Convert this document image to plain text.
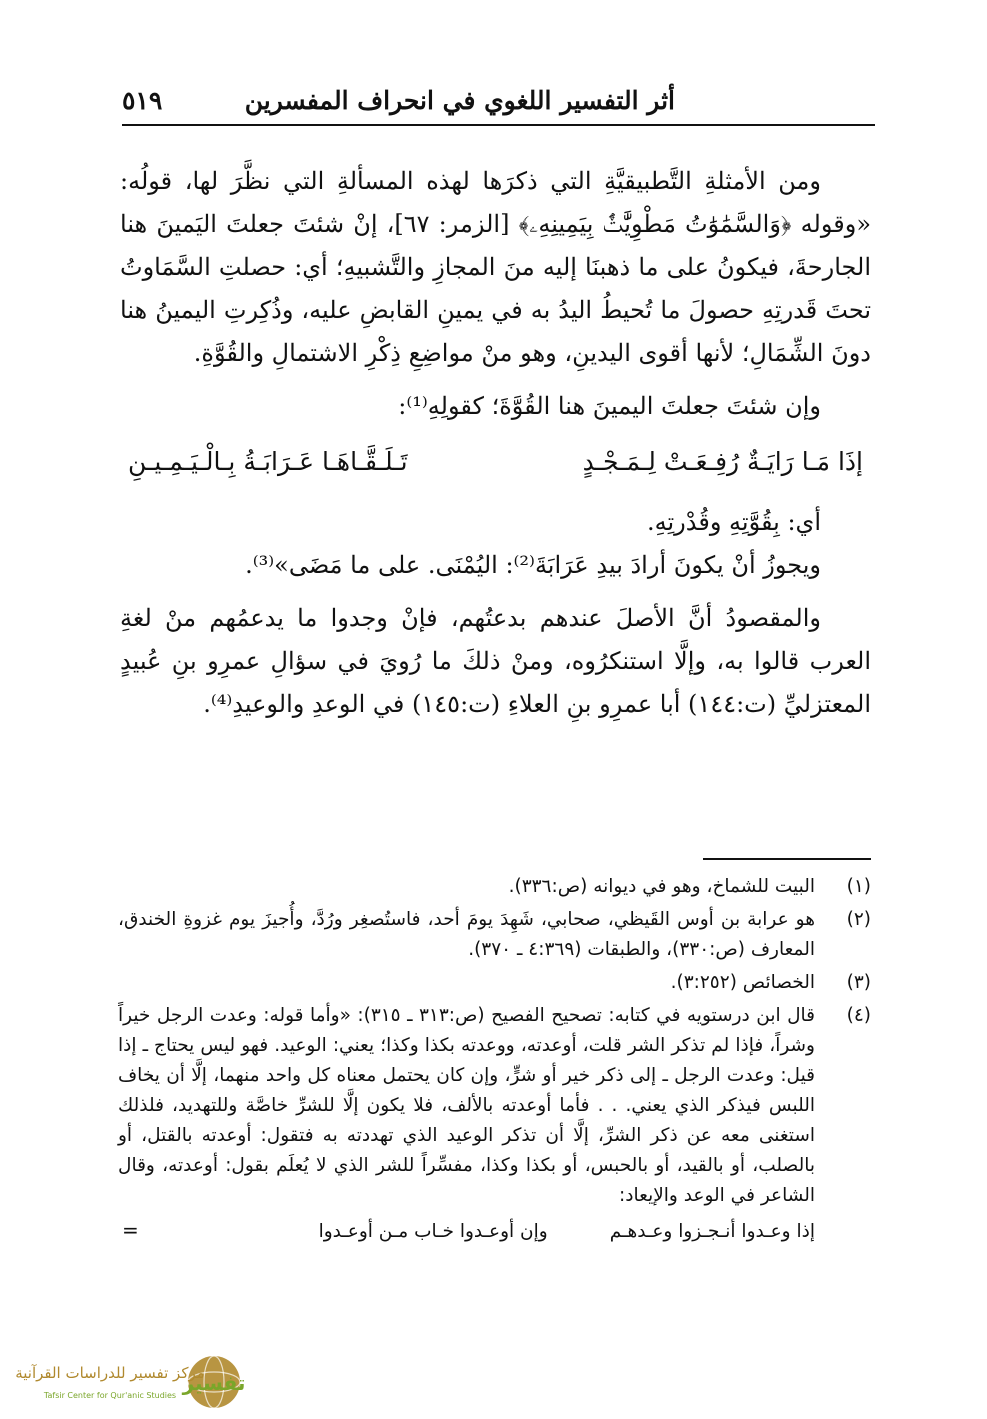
أثر التفسير اللغوي في انحراف المفسرين
٥١٩

ومن الأمثلةِ التَّطبيقيَّةِ التي ذكرَها لهذه المسألةِ التي نظَّرَ لها، قولُه: «وقوله ﴿وَالسَّمَٰوَٰتُ مَطْوِيَّٰتٌۢ بِيَمِينِهِۦ﴾ [الزمر: ٦٧]، إنْ شئتَ جعلتَ اليَمينَ هنا الجارحةَ، فيكونُ على ما ذهبنَا إليه منَ المجازِ والتَّشبيهِ؛ أي: حصلتِ السَّمَاوتُ تحتَ قَدرتِهِ حصولَ ما تُحيطُ اليدُ به في يمينِ القابضِ عليه، وذُكِرتِ اليمينُ هنا دونَ الشِّمَالِ؛ لأنها أقوى اليدينِ، وهو منْ مواضِعِ ذِكْرِ الاشتمالِ والقُوَّةِ.

وإن شئتَ جعلتَ اليمينَ هنا القُوَّةَ؛ كقولِهِ⁽¹⁾:

إذَا مَـا رَايَـةٌ رُفِـعَـتْ لِـمَـجْـدٍ
تَـلَـقَّـاهَـا عَـرَابَـةُ بِـالْـيَـمِـيـنِ

أي: بِقُوَّتِهِ وقُدْرتِهِ.

ويجوزُ أنْ يكونَ أرادَ بيدِ عَرَابَةَ⁽²⁾: اليُمْنَى. على ما مَضَى»⁽³⁾.

والمقصودُ أنَّ الأصلَ عندهم بدعتُهم، فإنْ وجدوا ما يدعمُهم منْ لغةِ العرب قالوا به، وإلَّا استنكرُوه، ومنْ ذلكَ ما رُويَ في سؤالِ عمرِو بنِ عُبيدٍ المعتزليِّ (ت:١٤٤) أبا عمرِو بنِ العلاءِ (ت:١٤٥) في الوعدِ والوعيدِ⁽⁴⁾.

(١)
البيت للشماخ، وهو في ديوانه (ص:٣٣٦).
(٢)
هو عرابة بن أوس القَيظي، صحابي، شَهِدَ يومَ أحد، فاستُصغِر ورُدَّ، وأُجيزَ يوم غزوةِ الخندق، المعارف (ص:٣٣٠)، والطبقات (٤:٣٦٩ ـ ٣٧٠).
(٣)
الخصائص (٣:٢٥٢).
(٤)
قال ابن درستويه في كتابه: تصحيح الفصيح (ص:٣١٣ ـ ٣١٥): «وأما قوله: وعدت الرجل خيراً وشراً، فإذا لم تذكر الشر قلت، أوعدته، ووعدته بكذا وكذا؛ يعني: الوعيد. فهو ليس يحتاج ـ إذا قيل: وعدت الرجل ـ إلى ذكر خير أو شرٍّ، وإن كان يحتمل معناه كل واحد منهما، إلَّا أن يخاف اللبس فيذكر الذي يعني. . . فأما أوعدته بالألف، فلا يكون إلَّا للشرِّ خاصَّة وللتهديد، فلذلك استغنى معه عن ذكر الشرِّ، إلَّا أن تذكر الوعيد الذي تهددته به فتقول: أوعدته بالقتل، أو بالصلب، أو بالقيد، أو بالحبس، أو بكذا وكذا، مفسِّراً للشر الذي لا يُعلَم بقول: أوعدته، وقال الشاعر في الوعد والإيعاد:
إذا وعـدوا أنـجـزوا وعـدهـم
وإن أوعـدوا خـاب مـن أوعـدوا
=
تفسير
مركز تفسير للدراسات القرآنية
Tafsir Center for Qur'anic Studies
